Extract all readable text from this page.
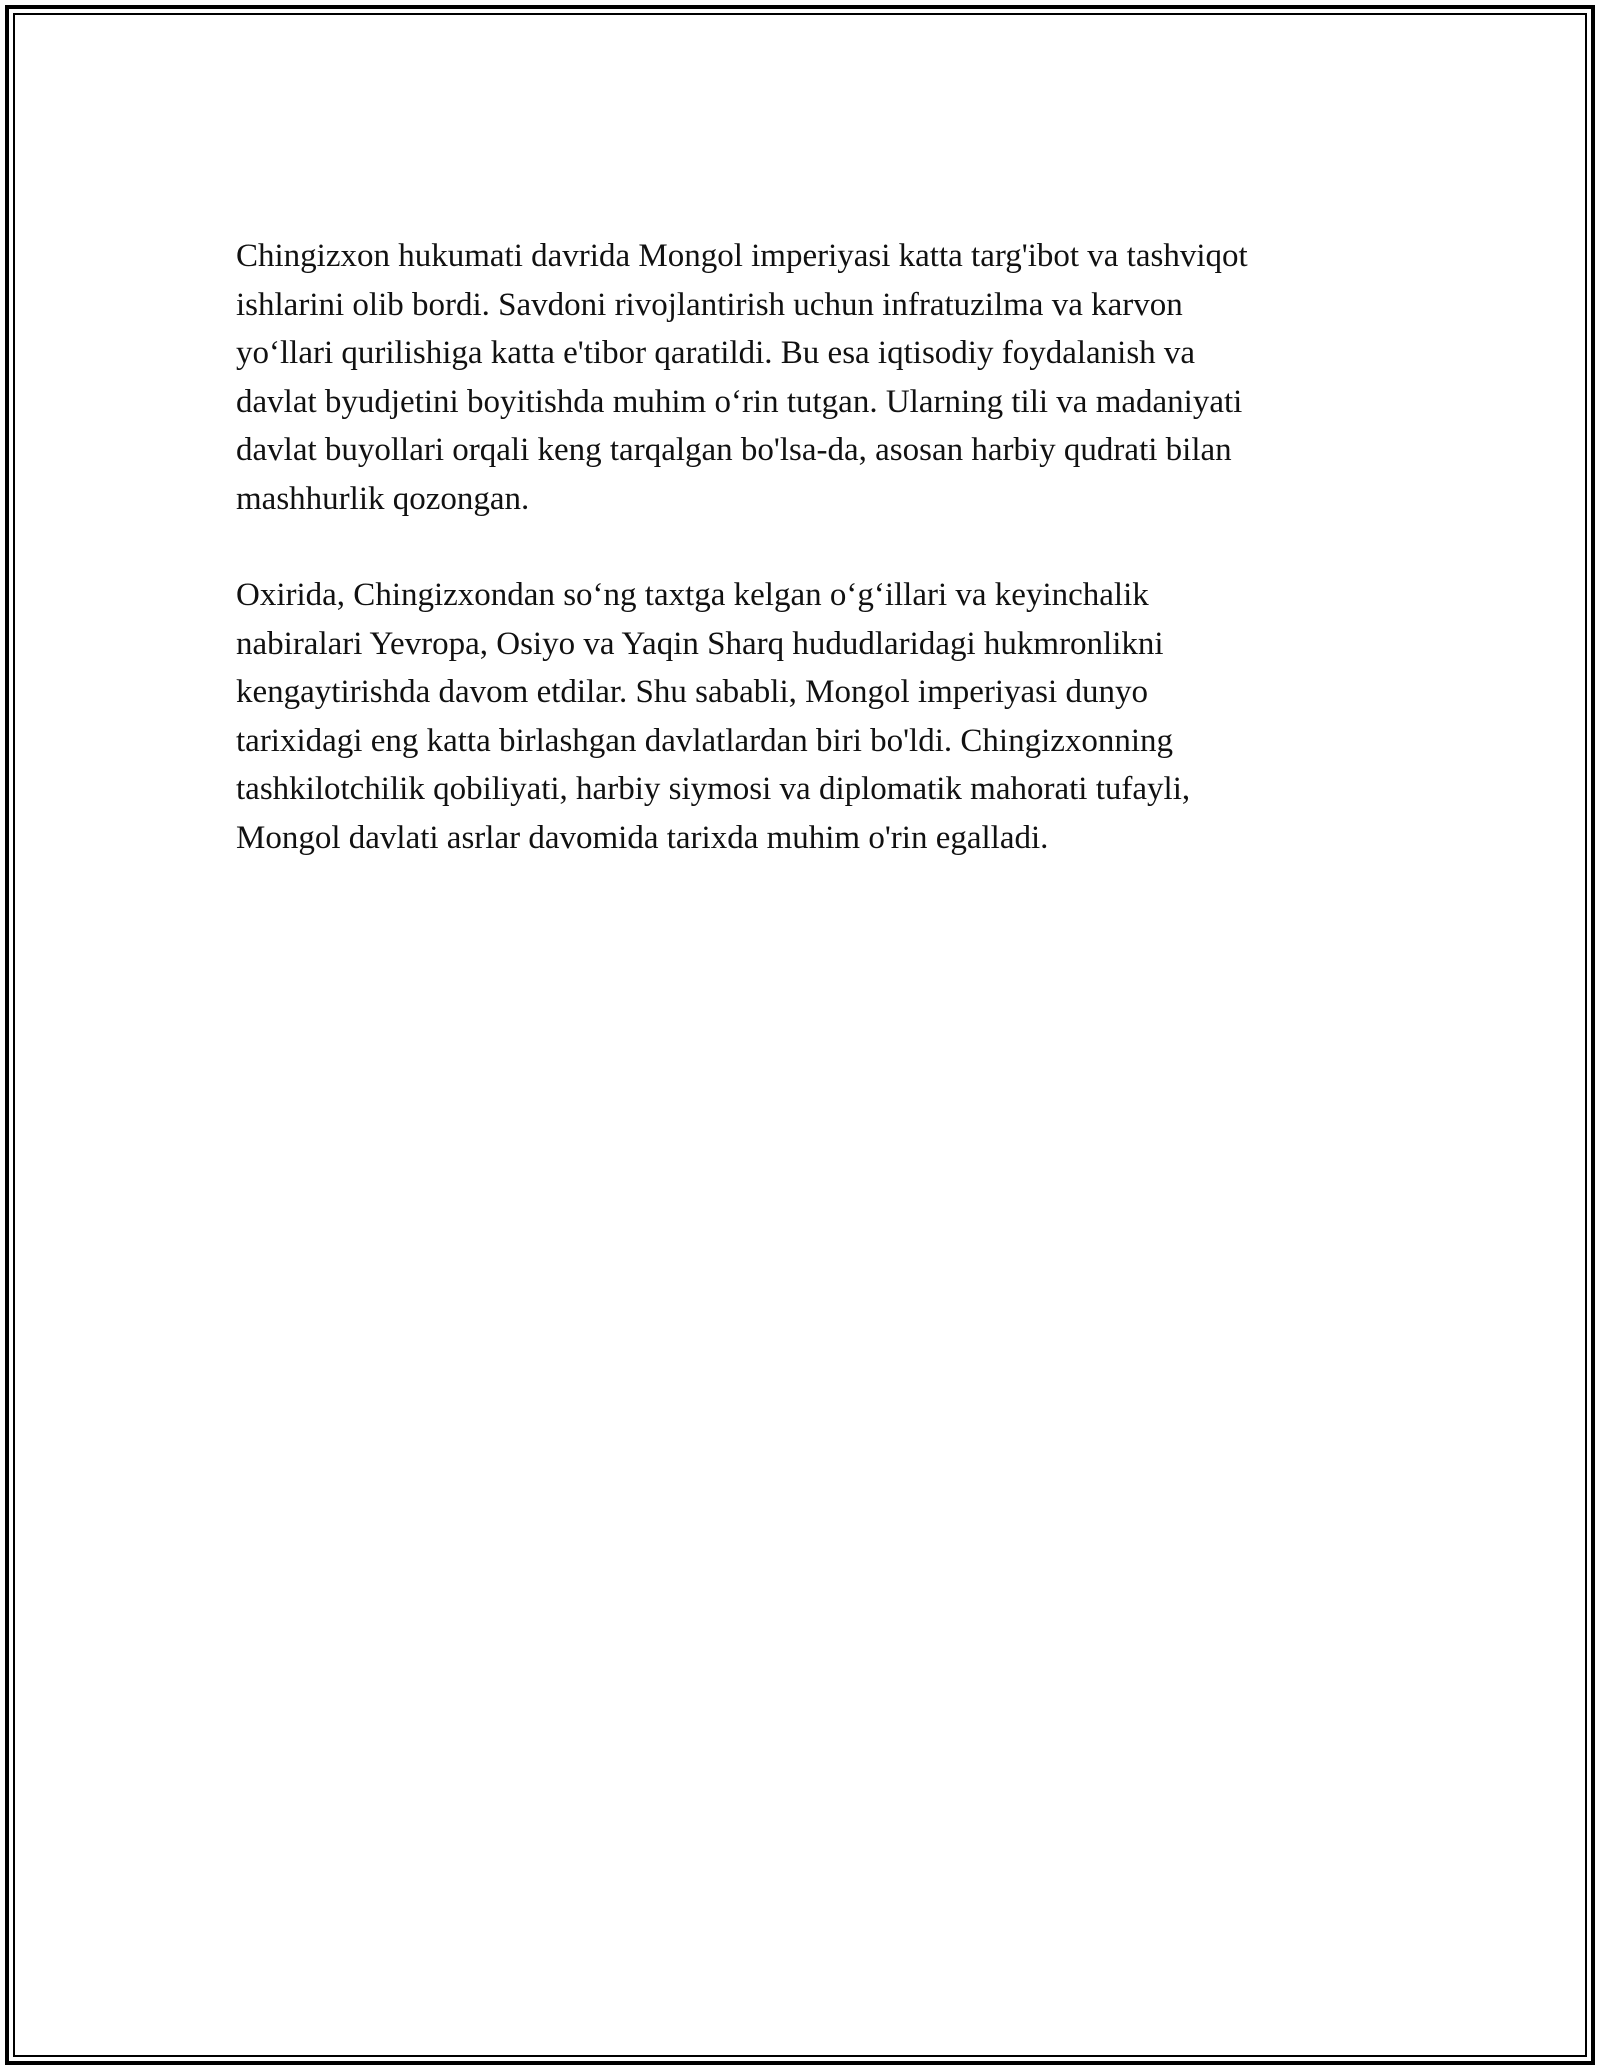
Chingizxon hukumati davrida Mongol imperiyasi katta targ'ibot va tashviqot
ishlarini olib bordi. Savdoni rivojlantirish uchun infratuzilma va karvon
yo‘llari qurilishiga katta e'tibor qaratildi. Bu esa iqtisodiy foydalanish va
davlat byudjetini boyitishda muhim o‘rin tutgan. Ularning tili va madaniyati
davlat buyollari orqali keng tarqalgan bo'lsa-da, asosan harbiy qudrati bilan
mashhurlik qozongan.

Oxirida, Chingizxondan so‘ng taxtga kelgan o‘g‘illari va keyinchalik
nabiralari Yevropa, Osiyo va Yaqin Sharq hududlaridagi hukmronlikni
kengaytirishda davom etdilar. Shu sababli, Mongol imperiyasi dunyo
tarixidagi eng katta birlashgan davlatlardan biri bo'ldi. Chingizxonning
tashkilotchilik qobiliyati, harbiy siymosi va diplomatik mahorati tufayli,
Mongol davlati asrlar davomida tarixda muhim o'rin egalladi.
